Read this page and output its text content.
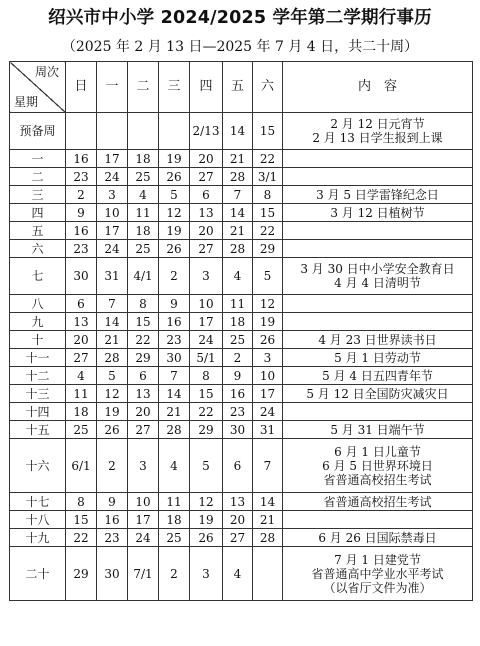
绍兴市中小学 2024/2025 学年第二学期行事历
（2025 年 2 月 13 日—2025 年 7 月 4 日，共二十周）
周次
星期	日	一	二	三	四	五	六	内　容
预备周					2/13	14	15	2 月 12 日元宵节
2 月 13 日学生报到上课

一	16	17	18	19	20	21	22	
二	23	24	25	26	27	28	3/1	
三	2	3	4	5	6	7	8	3 月 5 日学雷锋纪念日

四	9	10	11	12	13	14	15	3 月 12 日植树节

五	16	17	18	19	20	21	22	
六	23	24	25	26	27	28	29	
七	30	31	4/1	2	3	4	5	3 月 30 日中小学安全教育日
4 月 4 日清明节

八	6	7	8	9	10	11	12	
九	13	14	15	16	17	18	19	
十	20	21	22	23	24	25	26	4 月 23 日世界读书日

十一	27	28	29	30	5/1	2	3	5 月 1 日劳动节

十二	4	5	6	7	8	9	10	5 月 4 日五四青年节

十三	11	12	13	14	15	16	17	5 月 12 日全国防灾减灾日

十四	18	19	20	21	22	23	24	
十五	25	26	27	28	29	30	31	5 月 31 日端午节

十六	6/1	2	3	4	5	6	7	6 月 1 日儿童节
6 月 5 日世界环境日
省普通高校招生考试

十七	8	9	10	11	12	13	14	省普通高校招生考试

十八	15	16	17	18	19	20	21	
十九	22	23	24	25	26	27	28	6 月 26 日国际禁毒日

二十	29	30	7/1	2	3	4		7 月 1 日建党节
省普通高中学业水平考试
（以省厅文件为准）
